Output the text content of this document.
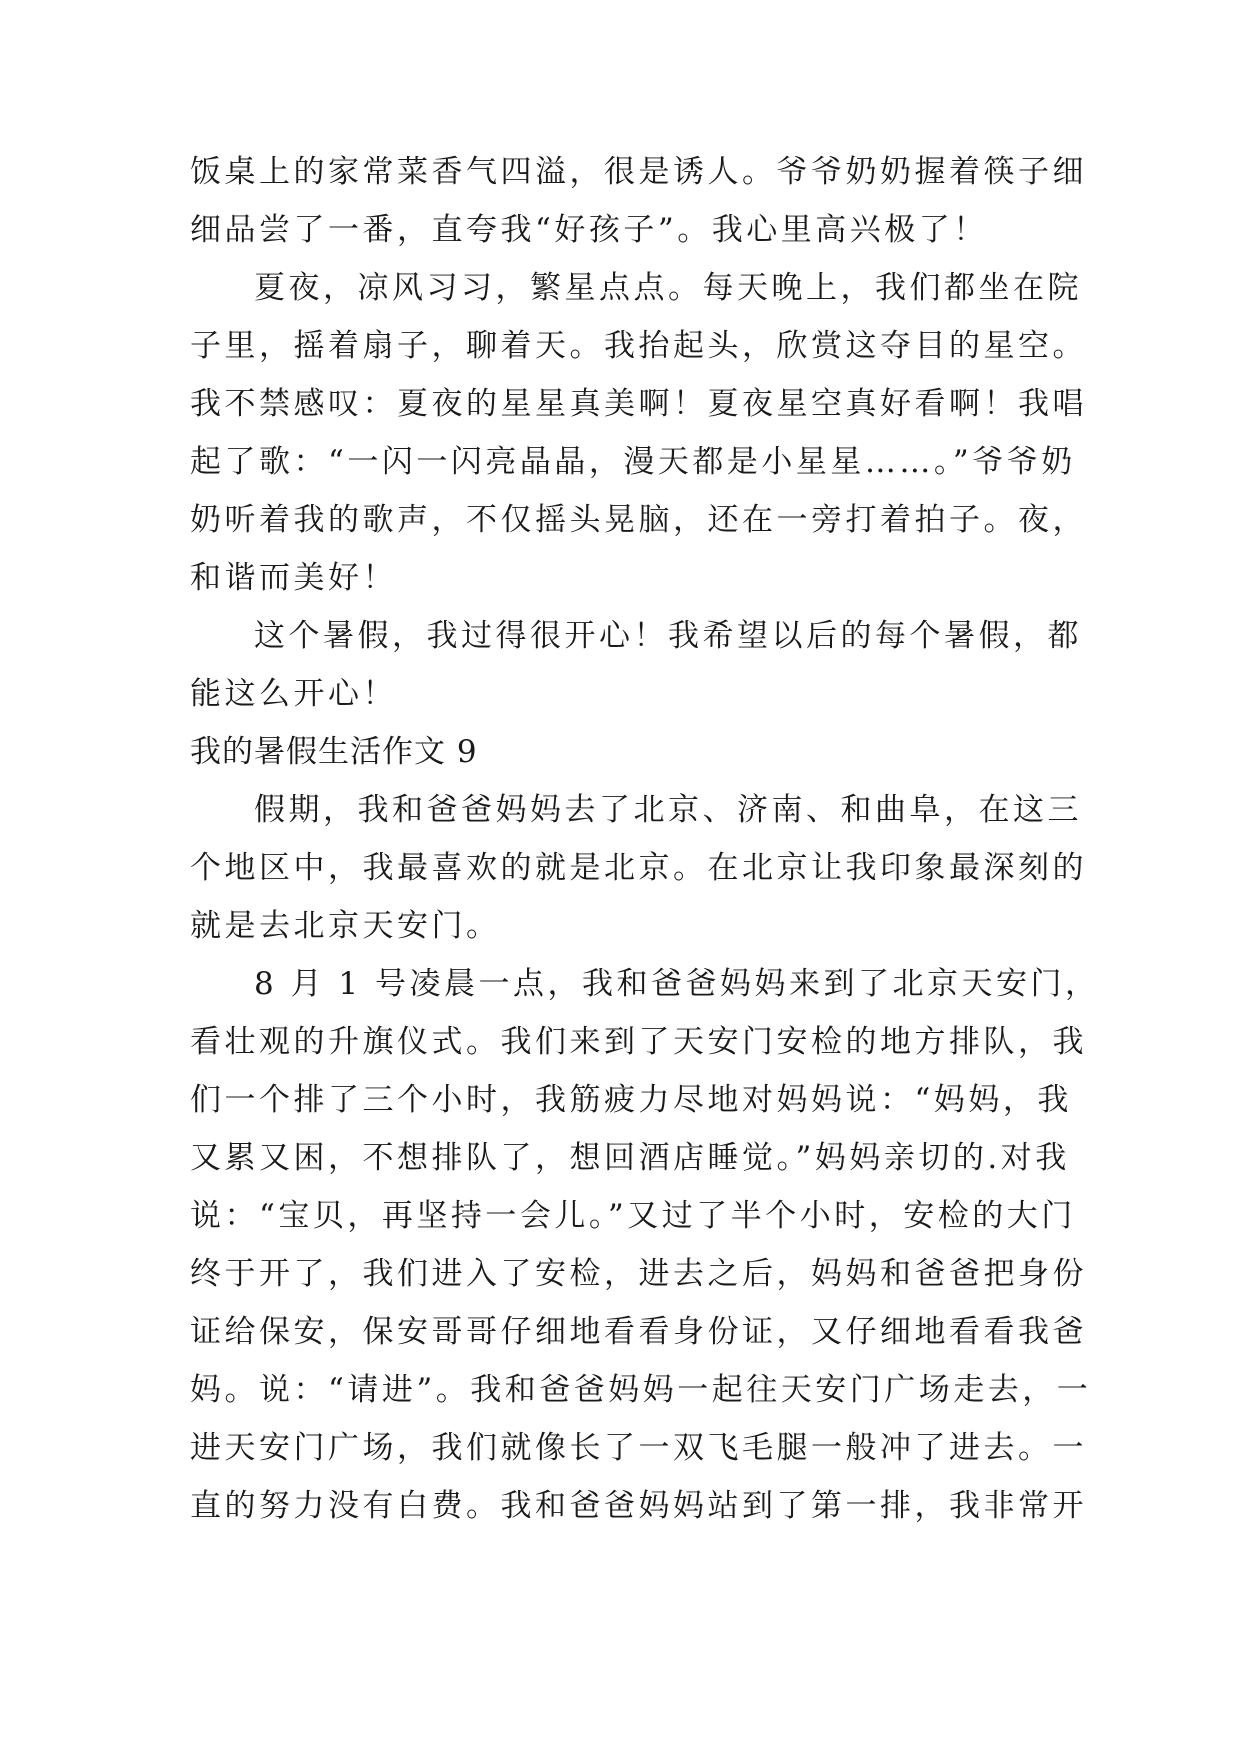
饭桌上的家常菜香气四溢，很是诱人。爷爷奶奶握着筷子细
细品尝了一番，直夸我“好孩子”。我心里高兴极了！
夏夜，凉风习习，繁星点点。每天晚上，我们都坐在院
子里，摇着扇子，聊着天。我抬起头，欣赏这夺目的星空。
我不禁感叹：夏夜的星星真美啊！夏夜星空真好看啊！我唱
起了歌：“一闪一闪亮晶晶，漫天都是小星星……。”爷爷奶
奶听着我的歌声，不仅摇头晃脑，还在一旁打着拍子。夜，
和谐而美好！
这个暑假，我过得很开心！我希望以后的每个暑假，都
能这么开心！
我的暑假生活作文 9
假期，我和爸爸妈妈去了北京、济南、和曲阜，在这三
个地区中，我最喜欢的就是北京。在北京让我印象最深刻的
就是去北京天安门。
8 月 1 号凌晨一点，我和爸爸妈妈来到了北京天安门，
看壮观的升旗仪式。我们来到了天安门安检的地方排队，我
们一个排了三个小时，我筋疲力尽地对妈妈说：“妈妈，我
又累又困，不想排队了，想回酒店睡觉。”妈妈亲切的.对我
说：“宝贝，再坚持一会儿。”又过了半个小时，安检的大门
终于开了，我们进入了安检，进去之后，妈妈和爸爸把身份
证给保安，保安哥哥仔细地看看身份证，又仔细地看看我爸
妈。说：“请进”。我和爸爸妈妈一起往天安门广场走去，一
进天安门广场，我们就像长了一双飞毛腿一般冲了进去。一
直的努力没有白费。我和爸爸妈妈站到了第一排，我非常开
